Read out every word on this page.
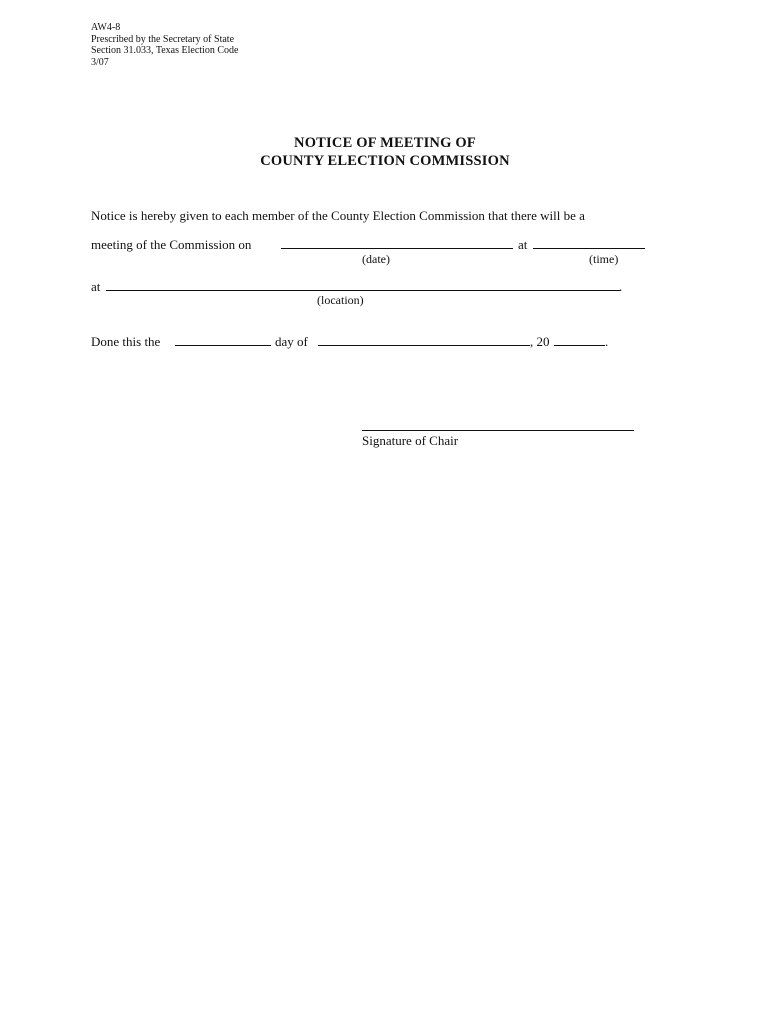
AW4-8
Prescribed by the Secretary of State
Section 31.033, Texas Election Code
3/07
NOTICE OF MEETING OF
COUNTY ELECTION COMMISSION
Notice is hereby given to each member of the County Election Commission that there will be a
meeting of the Commission on	at
(date)	(time)
at	.
(location)
Done this the	day of	, 20	.
Signature of Chair
